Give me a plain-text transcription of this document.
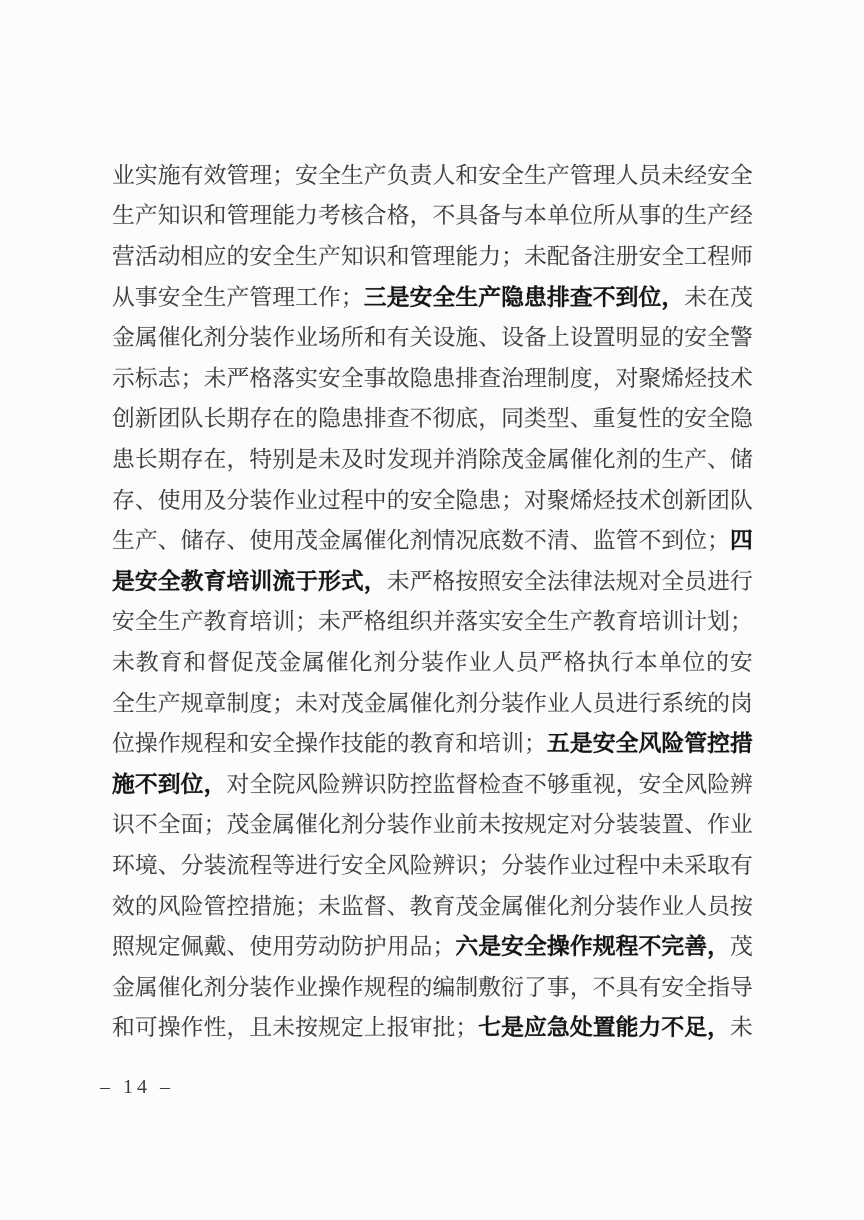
业 实 施 有 效 管 理 ； 安 全 生 产 负 责 人 和 安 全 生 产 管 理 人 员 未 经 安 全
生 产 知 识 和 管 理 能 力 考 核 合 格 ， 不 具 备 与 本 单 位 所 从 事 的 生 产 经
营 活 动 相 应 的 安 全 生 产 知 识 和 管 理 能 力 ； 未 配 备 注 册 安 全 工 程 师
从 事 安 全 生 产 管 理 工 作 ； 三 是 安 全 生 产 隐 患 排 查 不 到 位 ， 未 在 茂
金 属 催 化 剂 分 装 作 业 场 所 和 有 关 设 施 、 设 备 上 设 置 明 显 的 安 全 警
示 标 志 ； 未 严 格 落 实 安 全 事 故 隐 患 排 查 治 理 制 度 ， 对 聚 烯 烃 技 术
创 新 团 队 长 期 存 在 的 隐 患 排 查 不 彻 底 ， 同 类 型 、 重 复 性 的 安 全 隐
患 长 期 存 在 ， 特 别 是 未 及 时 发 现 并 消 除 茂 金 属 催 化 剂 的 生 产 、 储
存 、 使 用 及 分 装 作 业 过 程 中 的 安 全 隐 患 ； 对 聚 烯 烃 技 术 创 新 团 队
生 产 、 储 存 、 使 用 茂 金 属 催 化 剂 情 况 底 数 不 清 、 监 管 不 到 位 ； 四
是 安 全 教 育 培 训 流 于 形 式 ， 未 严 格 按 照 安 全 法 律 法 规 对 全 员 进 行
安 全 生 产 教 育 培 训 ； 未 严 格 组 织 并 落 实 安 全 生 产 教 育 培 训 计 划 ；
未 教 育 和 督 促 茂 金 属 催 化 剂 分 装 作 业 人 员 严 格 执 行 本 单 位 的 安
全 生 产 规 章 制 度 ； 未 对 茂 金 属 催 化 剂 分 装 作 业 人 员 进 行 系 统 的 岗
位 操 作 规 程 和 安 全 操 作 技 能 的 教 育 和 培 训 ； 五 是 安 全 风 险 管 控 措
施 不 到 位 ， 对 全 院 风 险 辨 识 防 控 监 督 检 查 不 够 重 视 ， 安 全 风 险 辨
识 不 全 面 ； 茂 金 属 催 化 剂 分 装 作 业 前 未 按 规 定 对 分 装 装 置 、 作 业
环 境 、 分 装 流 程 等 进 行 安 全 风 险 辨 识 ； 分 装 作 业 过 程 中 未 采 取 有
效 的 风 险 管 控 措 施 ； 未 监 督 、 教 育 茂 金 属 催 化 剂 分 装 作 业 人 员 按
照 规 定 佩 戴 、 使 用 劳 动 防 护 用 品 ； 六 是 安 全 操 作 规 程 不 完 善 ， 茂
金 属 催 化 剂 分 装 作 业 操 作 规 程 的 编 制 敷 衍 了 事 ， 不 具 有 安 全 指 导
和 可 操 作 性 ， 且 未 按 规 定 上 报 审 批 ； 七 是 应 急 处 置 能 力 不 足 ， 未
– 14 –
